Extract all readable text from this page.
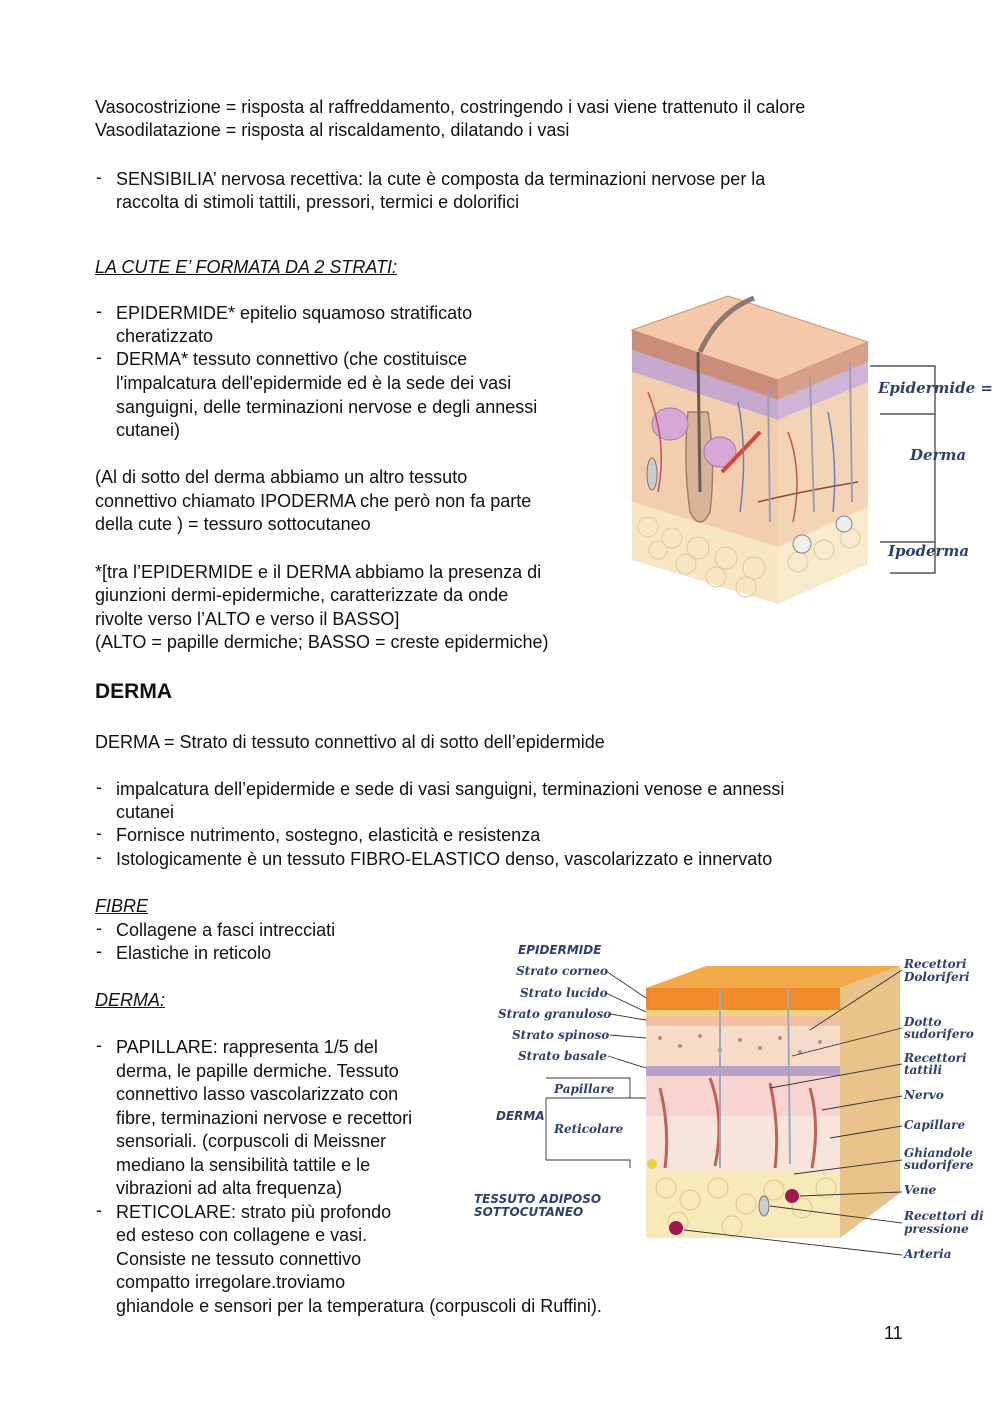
Vasocostrizione = risposta al raffreddamento, costringendo i vasi viene trattenuto il calore
Vasodilatazione = risposta al riscaldamento, dilatando i vasi
- SENSIBILIA’ nervosa recettiva: la cute è composta da terminazioni nervose per la
raccolta di stimoli tattili, pressori, termici e dolorifici
LA CUTE E’ FORMATA DA 2 STRATI:
- EPIDERMIDE* epitelio squamoso stratificato
cheratizzato
- DERMA* tessuto connettivo (che costituisce
l'impalcatura dell'epidermide ed è la sede dei vasi
sanguigni, delle terminazioni nervose e degli annessi
cutanei)
(Al di sotto del derma abbiamo un altro tessuto
connettivo chiamato IPODERMA che però non fa parte
della cute ) = tessuro sottocutaneo
*[tra l’EPIDERMIDE e il DERMA abbiamo la presenza di
giunzioni dermi-epidermiche, caratterizzate da onde
rivolte verso l’ALTO e verso il BASSO]
(ALTO = papille dermiche; BASSO = creste epidermiche)
Epidermide =
Derma
Ipoderma
DERMA
DERMA = Strato di tessuto connettivo al di sotto dell’epidermide
- impalcatura dell’epidermide e sede di vasi sanguigni, terminazioni venose e annessi
cutanei
- Fornisce nutrimento, sostegno, elasticità e resistenza
- Istologicamente è un tessuto FIBRO-ELASTICO denso, vascolarizzato e innervato
FIBRE
- Collagene a fasci intrecciati
- Elastiche in reticolo
DERMA:
- PAPILLARE: rappresenta 1/5 del
derma, le papille dermiche. Tessuto
connettivo lasso vascolarizzato con
fibre, terminazioni nervose e recettori
sensoriali. (corpuscoli di Meissner
mediano la sensibilità tattile e le
vibrazioni ad alta frequenza)
- RETICOLARE: strato più profondo
ed esteso con collagene e vasi.
Consiste ne tessuto connettivo
compatto irregolare.troviamo
ghiandole e sensori per la temperatura (corpuscoli di Ruffini).
EPIDERMIDE
Strato corneo
Strato lucido
Strato granuloso
Strato spinoso
Strato basale
Papillare
DERMA
Reticolare
TESSUTO ADIPOSO
SOTTOCUTANEO
Recettori
Doloriferi
Dotto
sudorifero
Recettori
tattili
Nervo
Capillare
Ghiandole
sudorifere
Vene
Recettori di
pressione
Arteria
11
